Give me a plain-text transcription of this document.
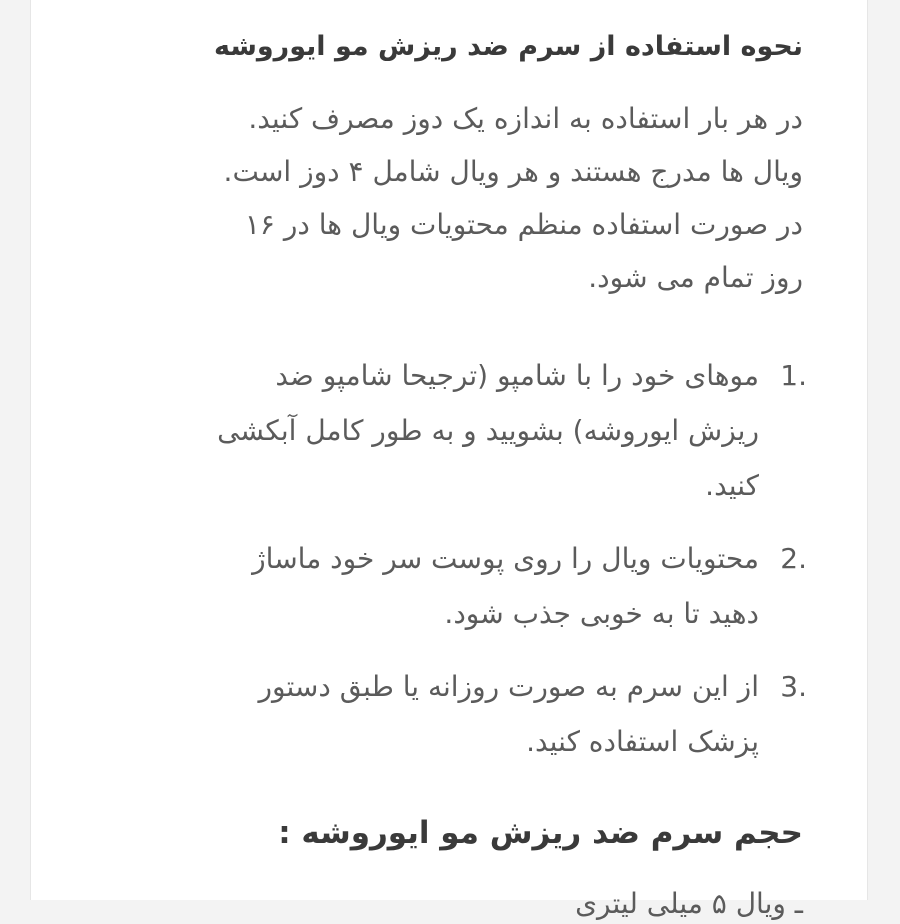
نحوه استفاده از سرم ضد ریزش مو ایوروشه

در هر بار استفاده به اندازه یک دوز مصرف کنید.
ویال ها مدرج هستند و هر ویال شامل ۴ دوز است.
در صورت استفاده منظم محتویات ویال ها در ۱۶
روز تمام می شود.

1.
موهای خود را با شامپو (ترجیحا شامپو ضد
ریزش ایوروشه) بشویید و به طور کامل آبکشی
کنید.
2.
محتویات ویال را روی پوست سر خود ماساژ
دهید تا به خوبی جذب شود.
3.
از این سرم به صورت روزانه یا طبق دستور
پزشک استفاده کنید.
حجم سرم ضد ریزش مو ایوروشه :
ـ ویال ۵ میلی لیتری
